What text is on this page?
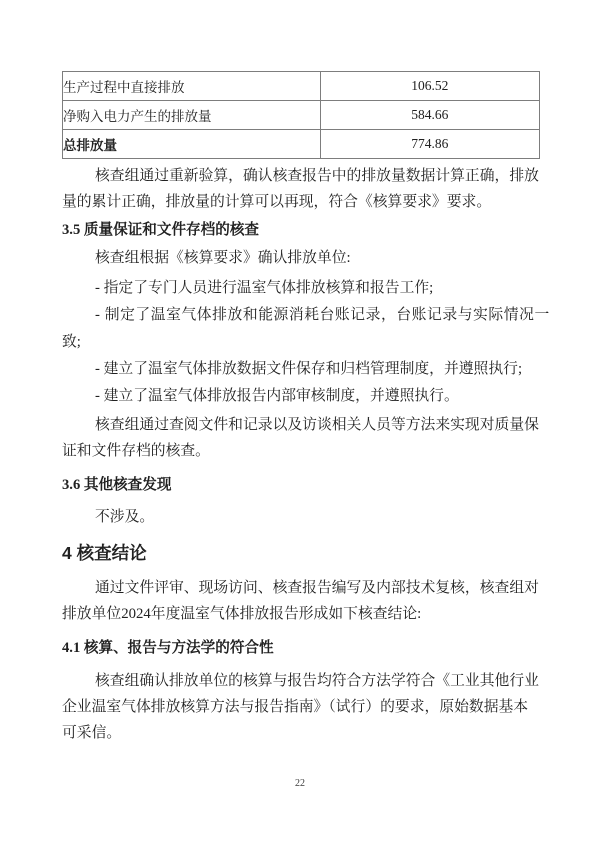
生产过程中直接排放	106.52
净购入电力产生的排放量	584.66
总排放量	774.86
核查组通过重新验算，确认核查报告中的排放量数据计算正确，排放
量的累计正确，排放量的计算可以再现，符合《核算要求》要求。
3.5 质量保证和文件存档的核查
核查组根据《核算要求》确认排放单位:
- 指定了专门人员进行温室气体排放核算和报告工作;
- 制定了温室气体排放和能源消耗台账记录，台账记录与实际情况一
致;
- 建立了温室气体排放数据文件保存和归档管理制度，并遵照执行;
- 建立了温室气体排放报告内部审核制度，并遵照执行。
核查组通过查阅文件和记录以及访谈相关人员等方法来实现对质量保
证和文件存档的核查。
3.6 其他核查发现
不涉及。
4 核查结论
通过文件评审、现场访问、核查报告编写及内部技术复核，核查组对
排放单位2024年度温室气体排放报告形成如下核查结论:
4.1 核算、报告与方法学的符合性
核查组确认排放单位的核算与报告均符合方法学符合《工业其他行业
企业温室气体排放核算方法与报告指南》（试行）的要求，原始数据基本
可采信。
22
